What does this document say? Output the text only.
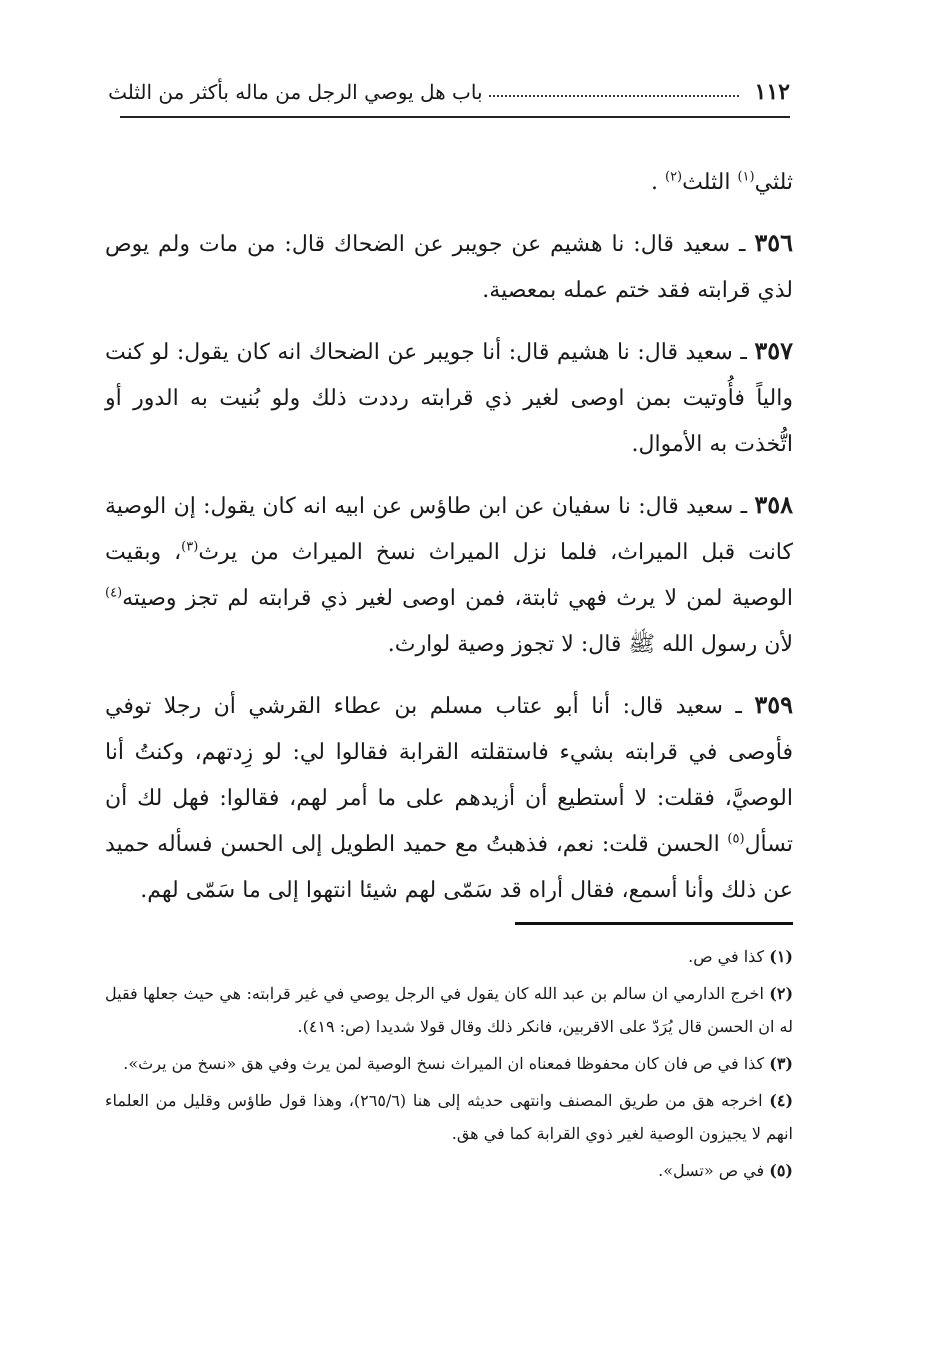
١١٢
باب هل يوصي الرجل من ماله بأكثر من الثلث

ثلثي$^{(١)}$ الثلث$^{(٢)}$ .

٣٥٦ ـ سعيد قال: نا هشيم عن جويبر عن الضحاك قال: من مات ولم يوص لذي قرابته فقد ختم عمله بمعصية.

٣٥٧ ـ سعيد قال: نا هشيم قال: أنا جويبر عن الضحاك انه كان يقول: لو كنت والياً فأُوتيت بمن اوصى لغير ذي قرابته رددت ذلك ولو بُنيت به الدور أو اتُّخذت به الأموال.

٣٥٨ ـ سعيد قال: نا سفيان عن ابن طاؤس عن ابيه انه كان يقول: إن الوصية كانت قبل الميراث، فلما نزل الميراث نسخ الميراث من يرث$^{(٣)}$، وبقيت الوصية لمن لا يرث فهي ثابتة، فمن اوصى لغير ذي قرابته لم تجز وصيته$^{(٤)}$ لأن رسول الله ﷺ قال: لا تجوز وصية لوارث.

٣٥٩ ـ سعيد قال: أنا أبو عتاب مسلم بن عطاء القرشي أن رجلا توفي فأوصى في قرابته بشيء فاستقلته القرابة فقالوا لي: لو زِدتهم، وكنتُ أنا الوصيَّ، فقلت: لا أستطيع أن أزيدهم على ما أمر لهم، فقالوا: فهل لك أن تسأل$^{(٥)}$ الحسن قلت: نعم، فذهبتُ مع حميد الطويل إلى الحسن فسأله حميد عن ذلك وأنا أسمع، فقال أراه قد سَمّى لهم شيئا انتهوا إلى ما سَمّى لهم.

(١) كذا في ص.

(٢) اخرج الدارمي ان سالم بن عبد الله كان يقول في الرجل يوصي في غير قرابته: هي حيث جعلها فقيل له ان الحسن قال يُرَدّ على الاقربين، فانكر ذلك وقال قولا شديدا (ص: ٤١٩).

(٣) كذا في ص فان كان محفوظا فمعناه ان الميراث نسخ الوصية لمن يرث وفي هق «نسخ من يرث».

(٤) اخرجه هق من طريق المصنف وانتهى حديثه إلى هنا (٢٦٥/٦)، وهذا قول طاؤس وقليل من العلماء انهم لا يجيزون الوصية لغير ذوي القرابة كما في هق.

(٥) في ص «تسل».
